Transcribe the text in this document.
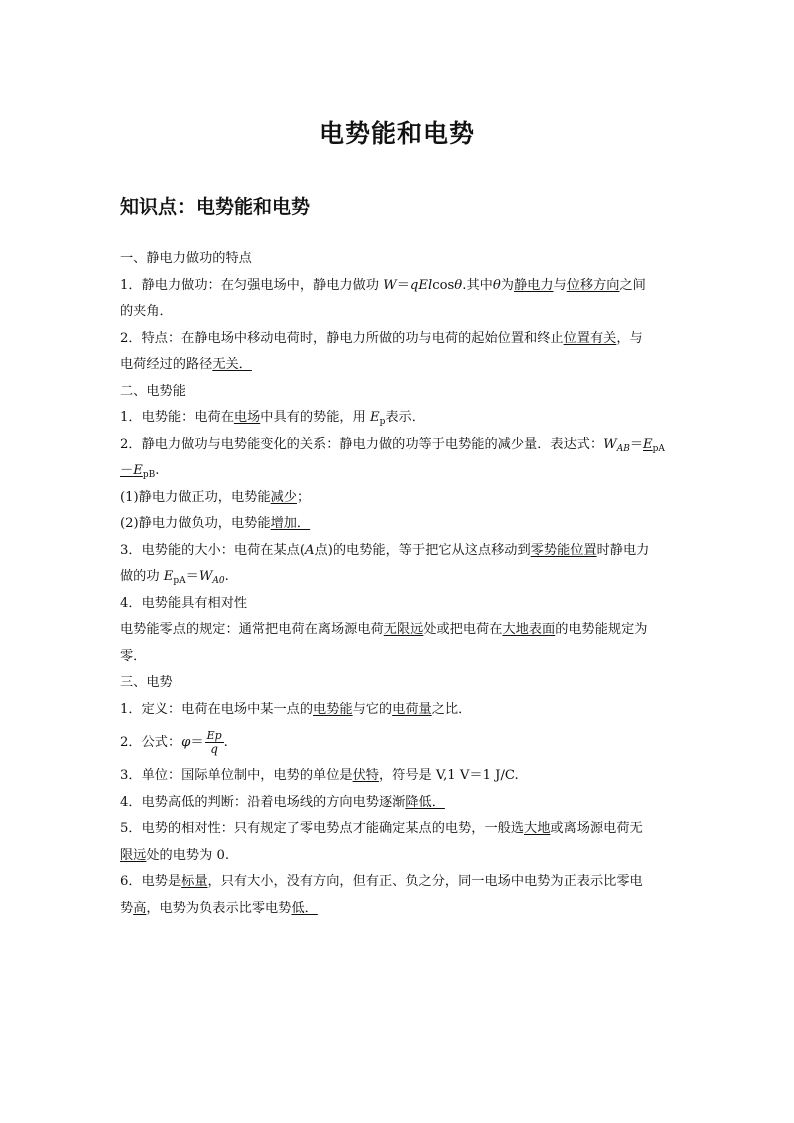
电势能和电势
知识点：电势能和电势

一、静电力做功的特点

1．静电力做功：在匀强电场中，静电力做功 W＝qElcosθ.其中θ为静电力与位移方向之间

的夹角．

2．特点：在静电场中移动电荷时，静电力所做的功与电荷的起始位置和终止位置有关，与

电荷经过的路径无关．

二、电势能

1．电势能：电荷在电场中具有的势能，用 $E_p$表示．

2．静电力做功与电势能变化的关系：静电力做的功等于电势能的减少量．表达式：$W_{AB}=E_{pA}$

$-E_{pB}$.

(1)静电力做正功，电势能减少；

(2)静电力做负功，电势能增加．

3．电势能的大小：电荷在某点(A点)的电势能，等于把它从这点移动到零势能位置时静电力

做的功 $E_{pA}=W_{A0}$.

4．电势能具有相对性

电势能零点的规定：通常把电荷在离场源电荷无限远处或把电荷在大地表面的电势能规定为

零．

三、电势

1．定义：电荷在电场中某一点的电势能与它的电荷量之比．

2．公式：$\varphi= \frac{Ep}{q}$ .

3．单位：国际单位制中，电势的单位是伏特，符号是 V,1 V＝1 J/C.

4．电势高低的判断：沿着电场线的方向电势逐渐降低．

5．电势的相对性：只有规定了零电势点才能确定某点的电势，一般选大地或离场源电荷无

限远处的电势为 0.

6．电势是标量，只有大小，没有方向，但有正、负之分，同一电场中电势为正表示比零电

势高，电势为负表示比零电势低．
